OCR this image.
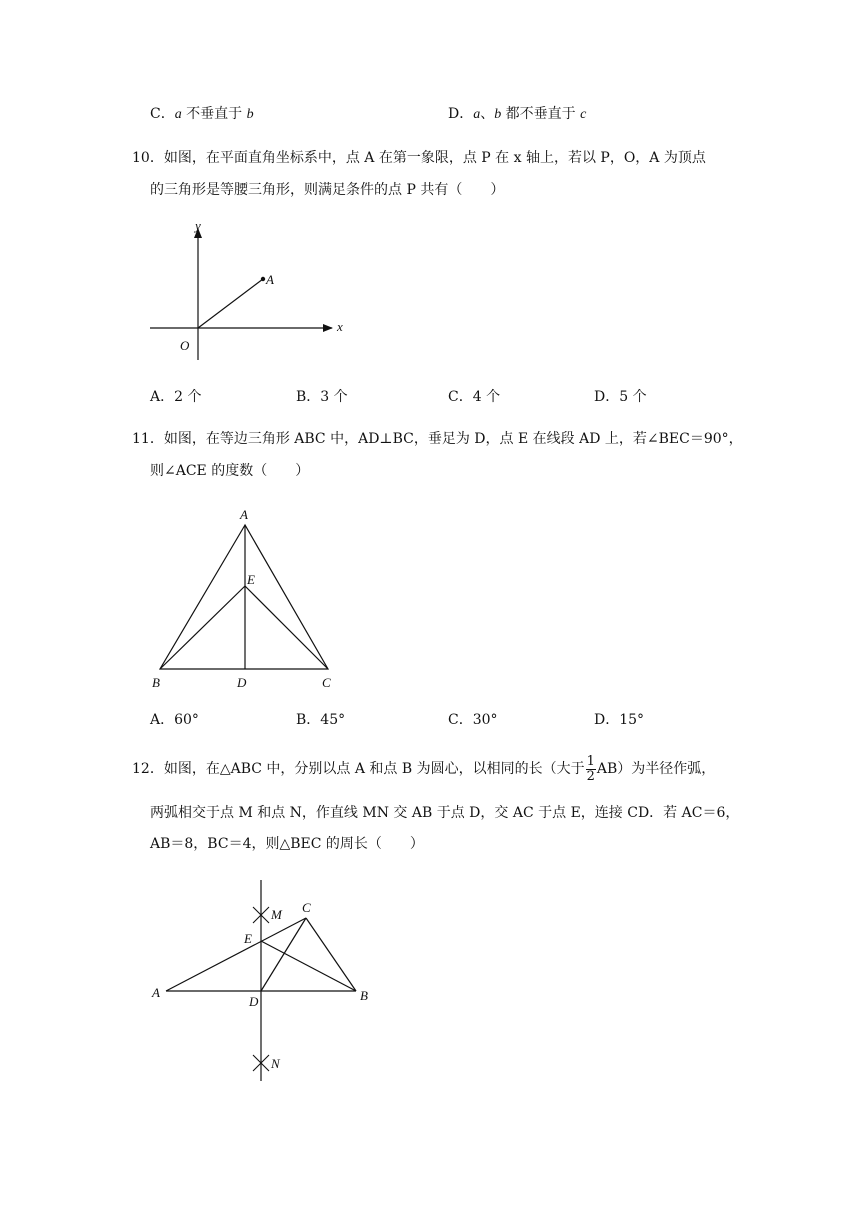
C．a 不垂直于 b	D．a、b 都不垂直于 c
10．如图，在平面直角坐标系中，点 A 在第一象限，点 P 在 x 轴上，若以 P，O，A 为顶点
的三角形是等腰三角形，则满足条件的点 P 共有（　　）
y
x
O
A
A．2 个	B．3 个	C．4 个	D．5 个
11．如图，在等边三角形 ABC 中，AD⊥BC，垂足为 D，点 E 在线段 AD 上，若∠BEC＝90°，
则∠ACE 的度数（　　）
A
E
B	D	C
A．60°	B．45°	C．30°	D．15°
12．如图，在△ABC 中，分别以点 A 和点 B 为圆心，以相同的长（大于 $\frac{1}{2} AB$）为半径作弧，
两弧相交于点 M 和点 N，作直线 MN 交 AB 于点 D，交 AC 于点 E，连接 CD．若 AC＝6，
AB＝8，BC＝4，则△BEC 的周长（　　）
A	B
C
D
E
M
N
